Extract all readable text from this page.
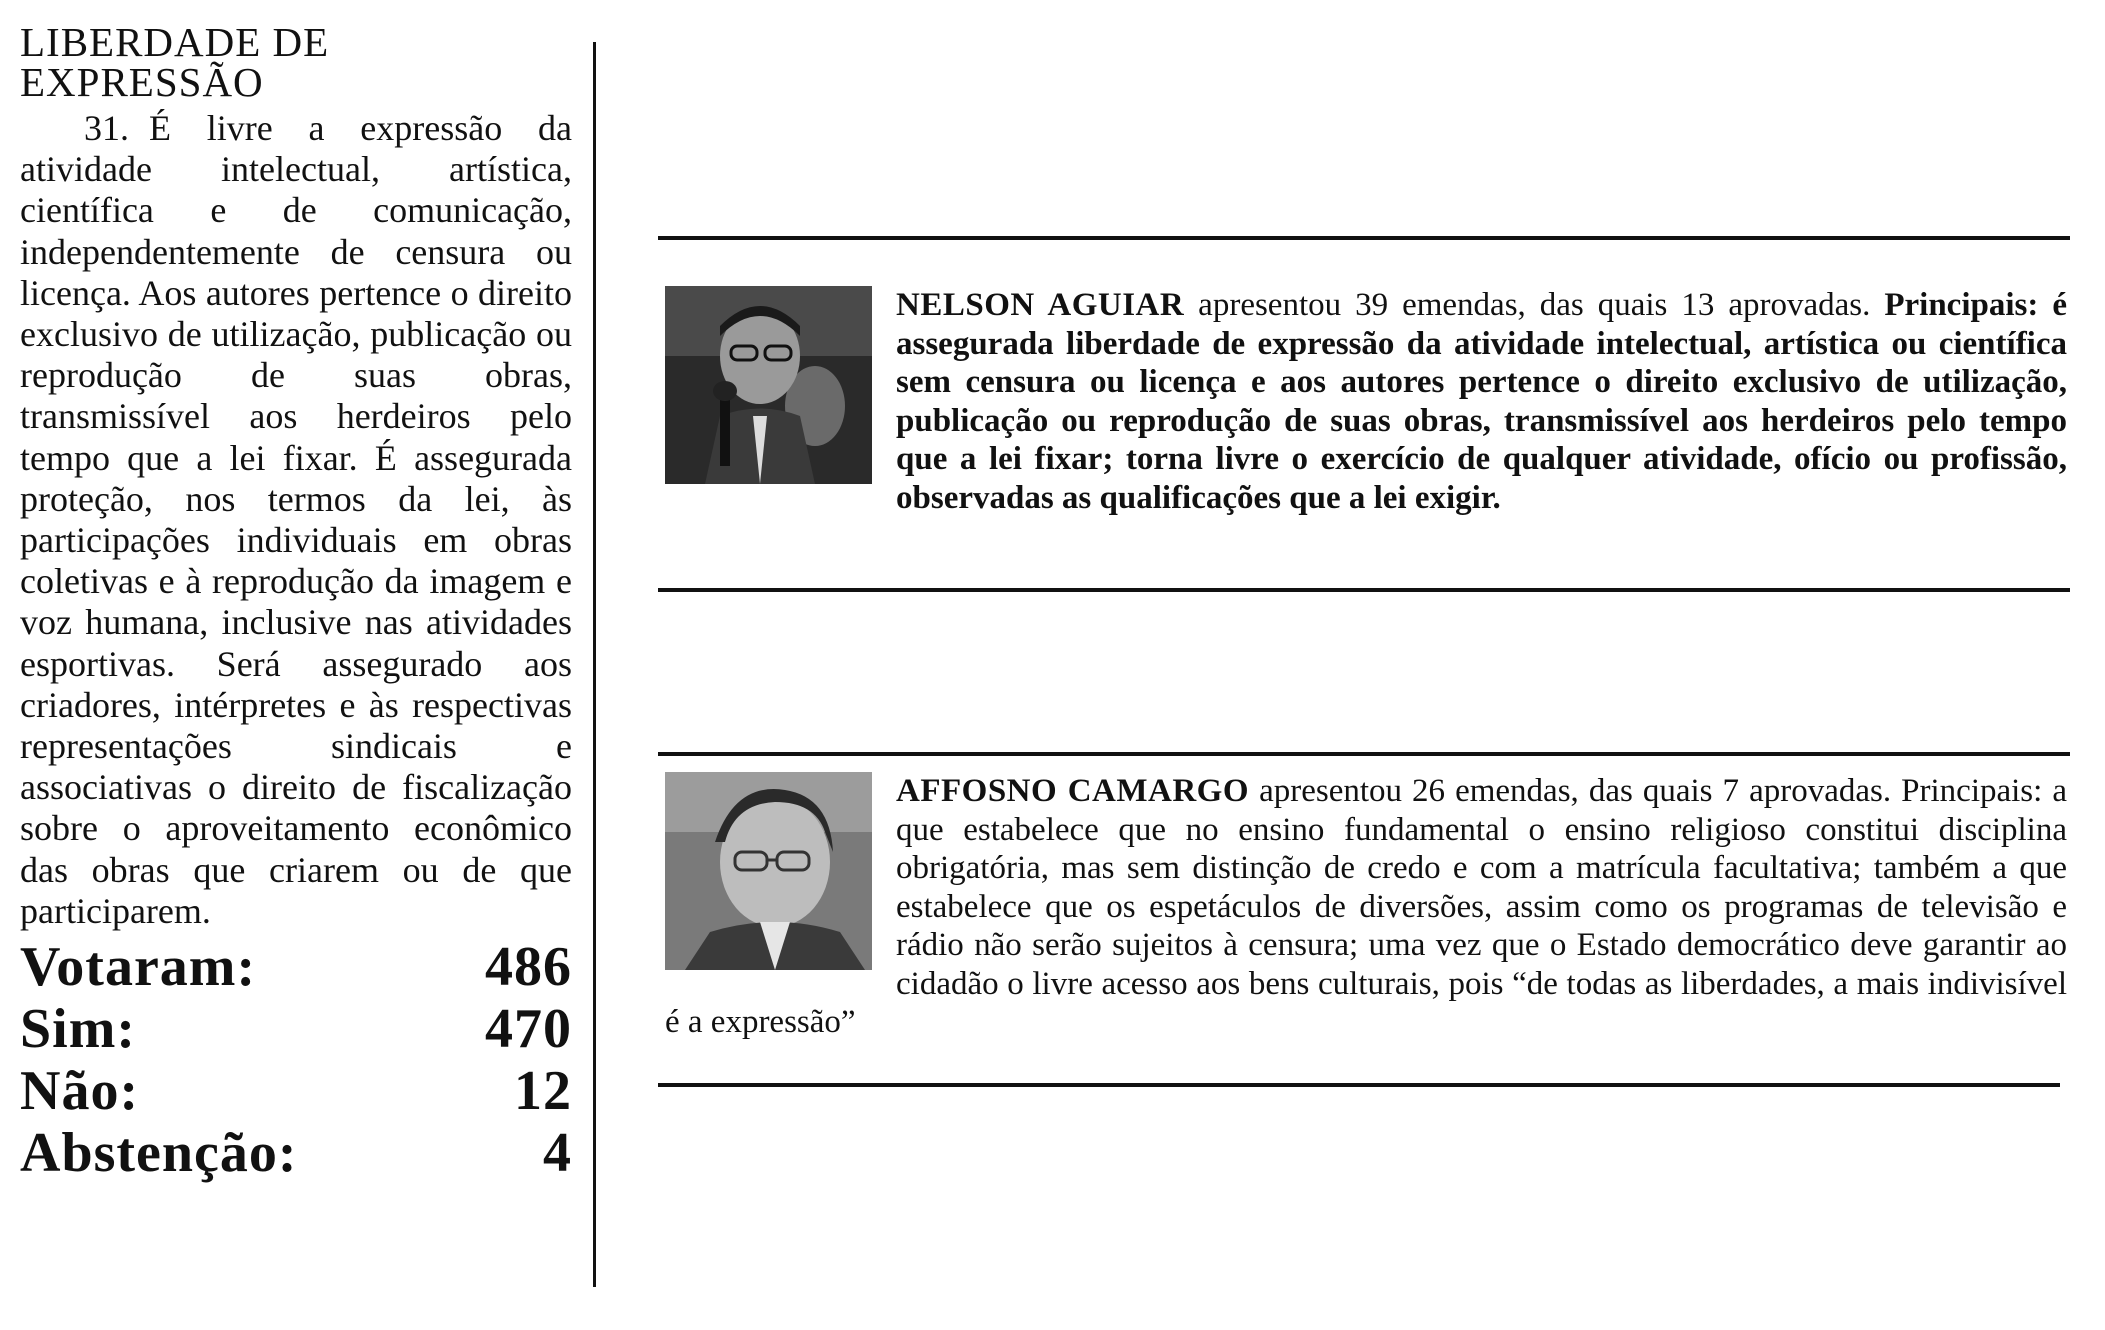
LIBERDADE DE
EXPRESSÃO

31. É livre a expressão da atividade intelectual, artística, científica e de comunicação, independentemente de censura ou licença. Aos autores pertence o direito exclusivo de utilização, publicação ou reprodução de suas obras, transmissível aos herdeiros pelo tempo que a lei fixar. É assegurada proteção, nos termos da lei, às participações individuais em obras coletivas e à reprodução da imagem e voz humana, inclusive nas atividades esportivas. Será assegurado aos criadores, intérpretes e às respectivas representações sindicais e associativas o direito de fiscalização sobre o aproveitamento econômico das obras que criarem ou de que participarem.

Votaram:	486
Sim:	470
Não:	12
Abstenção:	4

NELSON AGUIAR apresentou 39 emendas, das quais 13 aprovadas. Principais: é assegurada liberdade de expressão da atividade intelectual, artística ou científica sem censura ou licença e aos autores pertence o direito exclusivo de utilização, publicação ou reprodução de suas obras, transmissível aos herdeiros pelo tempo que a lei fixar; torna livre o exercício de qualquer atividade, ofício ou profissão, observadas as qualificações que a lei exigir.

AFFOSNO CAMARGO apresentou 26 emendas, das quais 7 aprovadas. Principais: a que estabelece que no ensino fundamental o ensino religioso constitui disciplina obrigatória, mas sem distinção de credo e com a matrícula facultativa; também a que estabelece que os espetáculos de diversões, assim como os programas de televisão e rádio não serão sujeitos à censura; uma vez que o Estado democrático deve garantir ao cidadão o livre acesso aos bens culturais, pois “de todas as liberdades, a mais indivisível é a expressão”
